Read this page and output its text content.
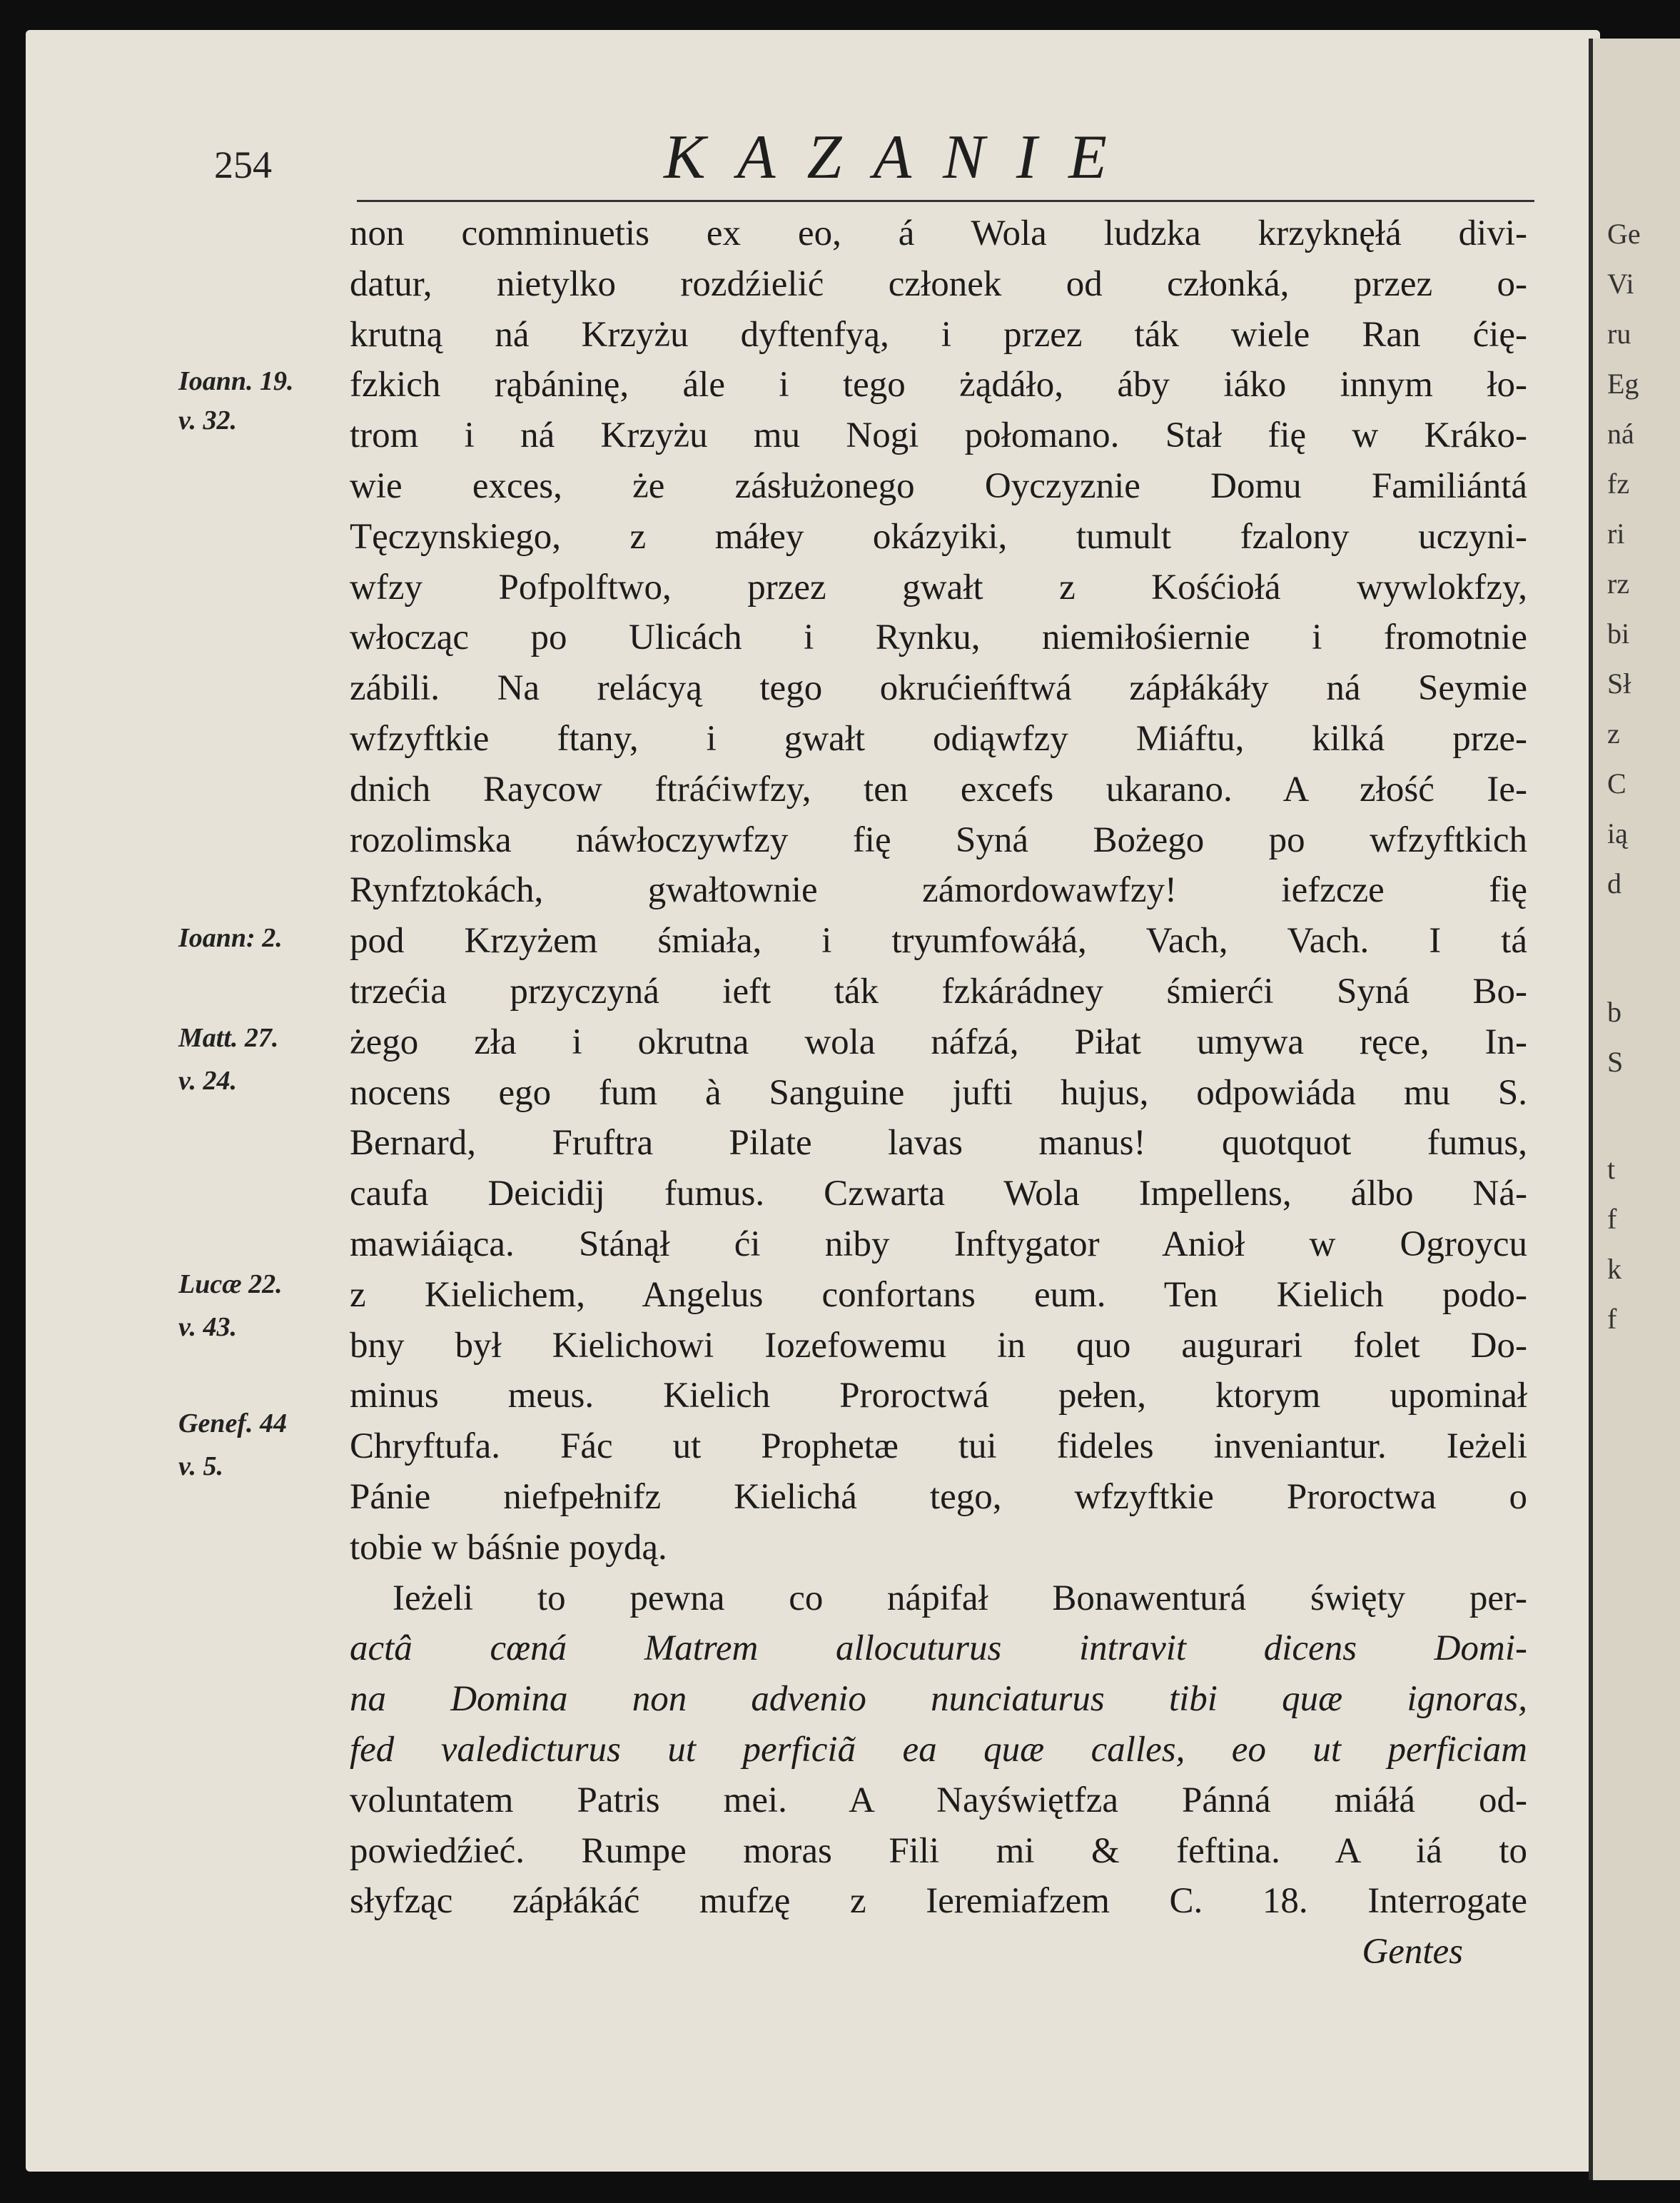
Ge
Vi
ru
Eg
ná
fz
ri
rz
bi
Sł
z
C
ią
d
b
S
t
f
k
f
254	KAZANIE
Ioann. 19.
v. 32.
Ioann: 2.
Matt. 27.
v. 24.
Lucæ 22.
v. 43.
Genef. 44
v. 5.
non comminuetis ex eo, á Wola ludzka krzyknęłá divi-
datur, nietylko rozdźielić członek od członká, przez o-
krutną ná Krzyżu dyftenfyą, i przez ták wiele Ran ćię-
fzkich rąbáninę, ále i tego żądáło, áby iáko innym ło-
trom i ná Krzyżu mu Nogi połomano. Stał fię w Kráko-
wie exces, że zásłużonego Oyczyznie Domu Familiántá
Tęczynskiego, z máłey okázyiki, tumult fzalony uczyni-
wfzy Pofpolftwo, przez gwałt z Kośćiołá wywlokfzy,
włocząc po Ulicách i Rynku, niemiłośiernie i fromotnie
zábili. Na relácyą tego okrućieńftwá zápłákáły ná Seymie
wfzyftkie ftany, i gwałt odiąwfzy Miáftu, kilká prze-
dnich Raycow ftráćiwfzy, ten excefs ukarano. A złość Ie-
rozolimska náwłoczywfzy fię Syná Bożego po wfzyftkich
Rynfztokách, gwałtownie zámordowawfzy! iefzcze fię
pod Krzyżem śmiała, i tryumfowáłá, Vach, Vach. I tá
trzećia przyczyná ieft ták fzkárádney śmierći Syná Bo-
żego zła i okrutna wola náfzá, Piłat umywa ręce, In-
nocens ego fum à Sanguine jufti hujus, odpowiáda mu S.
Bernard, Fruftra Pilate lavas manus! quotquot fumus,
caufa Deicidij fumus. Czwarta Wola Impellens, álbo Ná-
mawiáiąca. Stánął ći niby Inftygator Anioł w Ogroycu
z Kielichem, Angelus confortans eum. Ten Kielich podo-
bny był Kielichowi Iozefowemu in quo augurari folet Do-
minus meus. Kielich Proroctwá pełen, ktorym upominał
Chryftufa. Fác ut Prophetæ tui fideles inveniantur. Ieżeli
Pánie niefpełnifz Kielichá tego, wfzyftkie Proroctwa o
tobie w báśnie poydą.
Ieżeli to pewna co nápifał Bonawenturá święty per-
actâ cœná Matrem allocuturus intravit dicens Domi-
na Domina non advenio nunciaturus tibi quæ ignoras,
fed valedicturus ut perficiã ea quæ calles, eo ut perficiam
voluntatem Patris mei. A Nayświętfza Pánná miáłá od-
powiedźieć. Rumpe moras Fili mi & feftina. A iá to
słyfząc zápłákáć mufzę z Ieremiafzem C. 18. Interrogate
Gentes
